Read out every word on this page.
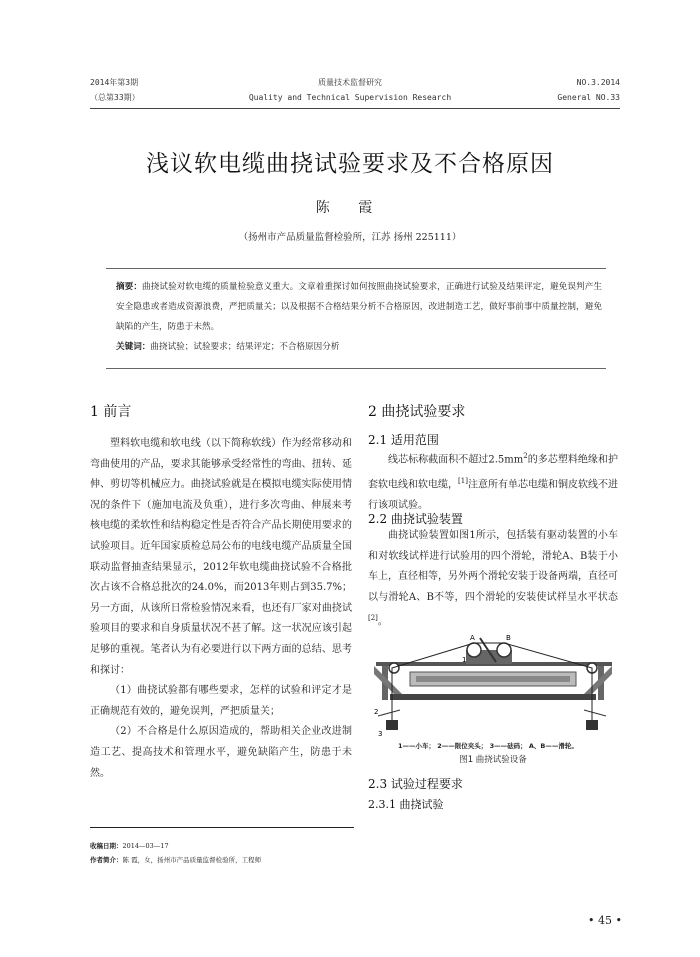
2014年第3期
（总第33期）
质量技术监督研究
Quality and Technical Supervision Research
NO.3.2014
General NO.33
浅议软电缆曲挠试验要求及不合格原因
陈 霞
（扬州市产品质量监督检验所，江苏 扬州 225111）
摘要：曲挠试验对软电缆的质量检验意义重大。文章着重探讨如何按照曲挠试验要求，正确进行试验及结果评定，避免误判产生安全隐患或者造成资源浪费，严把质量关；以及根据不合格结果分析不合格原因，改进制造工艺，做好事前事中质量控制，避免缺陷的产生，防患于未然。
关键词：曲挠试验；试验要求；结果评定；不合格原因分析
1 前言

塑料软电缆和软电线（以下简称软线）作为经常移动和弯曲使用的产品，要求其能够承受经常性的弯曲、扭转、延伸、剪切等机械应力。曲挠试验就是在模拟电缆实际使用情况的条件下（施加电流及负重），进行多次弯曲、伸展来考核电缆的柔软性和结构稳定性是否符合产品长期使用要求的试验项目。近年国家质检总局公布的电线电缆产品质量全国联动监督抽查结果显示，2012年软电缆曲挠试验不合格批次占该不合格总批次的24.0%，而2013年则占到35.7%；另一方面，从该所日常检验情况来看，也还有厂家对曲挠试验项目的要求和自身质量状况不甚了解。这一状况应该引起足够的重视。笔者认为有必要进行以下两方面的总结、思考和探讨：

（1）曲挠试验都有哪些要求，怎样的试验和评定才是正确规范有效的，避免误判，严把质量关；

（2）不合格是什么原因造成的，帮助相关企业改进制造工艺、提高技术和管理水平，避免缺陷产生，防患于未然。

收稿日期：2014—03—17
作者简介：陈 霞，女，扬州市产品质量监督检验所，工程师
2 曲挠试验要求
2.1 适用范围

线芯标称截面积不超过$2.5mm^2$的多芯塑料绝缘和护套软电线和软电缆，[1]注意所有单芯电缆和铜皮软线不进行该项试验。

2.2 曲挠试验装置

曲挠试验装置如图1所示，包括装有驱动装置的小车和对软线试样进行试验用的四个滑轮，滑轮A、B装于小车上，直径相等，另外两个滑轮安装于设备两端，直径可以与滑轮A、B不等，四个滑轮的安装使试样呈水平状态[2]。

1
2
3
A	B
1——小车； 2——限位夹头； 3——砝码； A、B——滑轮。
图1 曲挠试验设备
2.3 试验过程要求
2.3.1 曲挠试验
• 45 •
